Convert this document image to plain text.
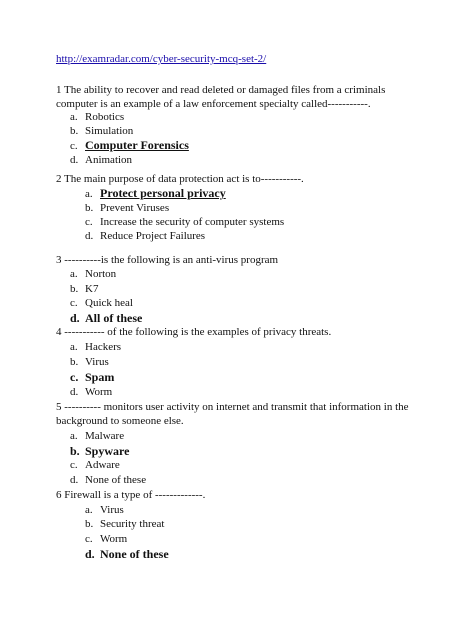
http://examradar.com/cyber-security-mcq-set-2/
1 The ability to recover and read deleted or damaged files from a criminals
computer is an example of a law enforcement specialty called-----------.
a. Robotics
b. Simulation
c. Computer Forensics
d. Animation
2 The main purpose of data protection act is to-----------.
a. Protect personal privacy
b. Prevent Viruses
c. Increase the security of computer systems
d. Reduce Project Failures
3 ----------is the following is an anti-virus program
a. Norton
b. K7
c. Quick heal
d. All of these
4 ----------- of the following is the examples of privacy threats.
a. Hackers
b. Virus
c. Spam
d. Worm
5 ---------- monitors user activity on internet and transmit that information in the
background to someone else.
a. Malware
b. Spyware
c. Adware
d. None of these
6 Firewall is a type of -------------.
a. Virus
b. Security threat
c. Worm
d. None of these
